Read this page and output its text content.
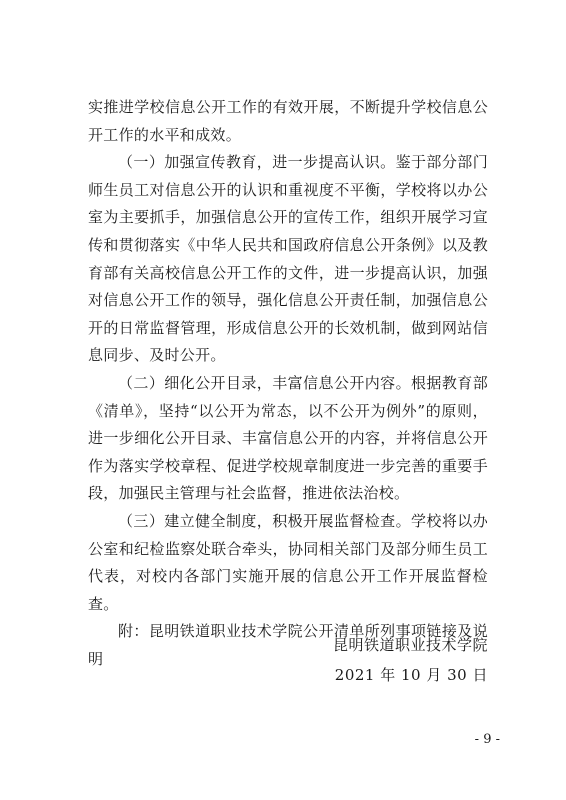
实推进学校信息公开工作的有效开展，不断提升学校信息公开工作的水平和成效。

（一）加强宣传教育，进一步提高认识。鉴于部分部门师生员工对信息公开的认识和重视度不平衡，学校将以办公室为主要抓手，加强信息公开的宣传工作，组织开展学习宣传和贯彻落实《中华人民共和国政府信息公开条例》以及教育部有关高校信息公开工作的文件，进一步提高认识，加强对信息公开工作的领导，强化信息公开责任制，加强信息公开的日常监督管理，形成信息公开的长效机制，做到网站信息同步、及时公开。

（二）细化公开目录，丰富信息公开内容。根据教育部《清单》，坚持“以公开为常态，以不公开为例外”的原则，进一步细化公开目录、丰富信息公开的内容，并将信息公开作为落实学校章程、促进学校规章制度进一步完善的重要手段，加强民主管理与社会监督，推进依法治校。

（三）建立健全制度，积极开展监督检查。学校将以办公室和纪检监察处联合牵头，协同相关部门及部分师生员工代表，对校内各部门实施开展的信息公开工作开展监督检查。

附：昆明铁道职业技术学院公开清单所列事项链接及说明

昆明铁道职业技术学院
2021 年 10 月 30 日
- 9 -
